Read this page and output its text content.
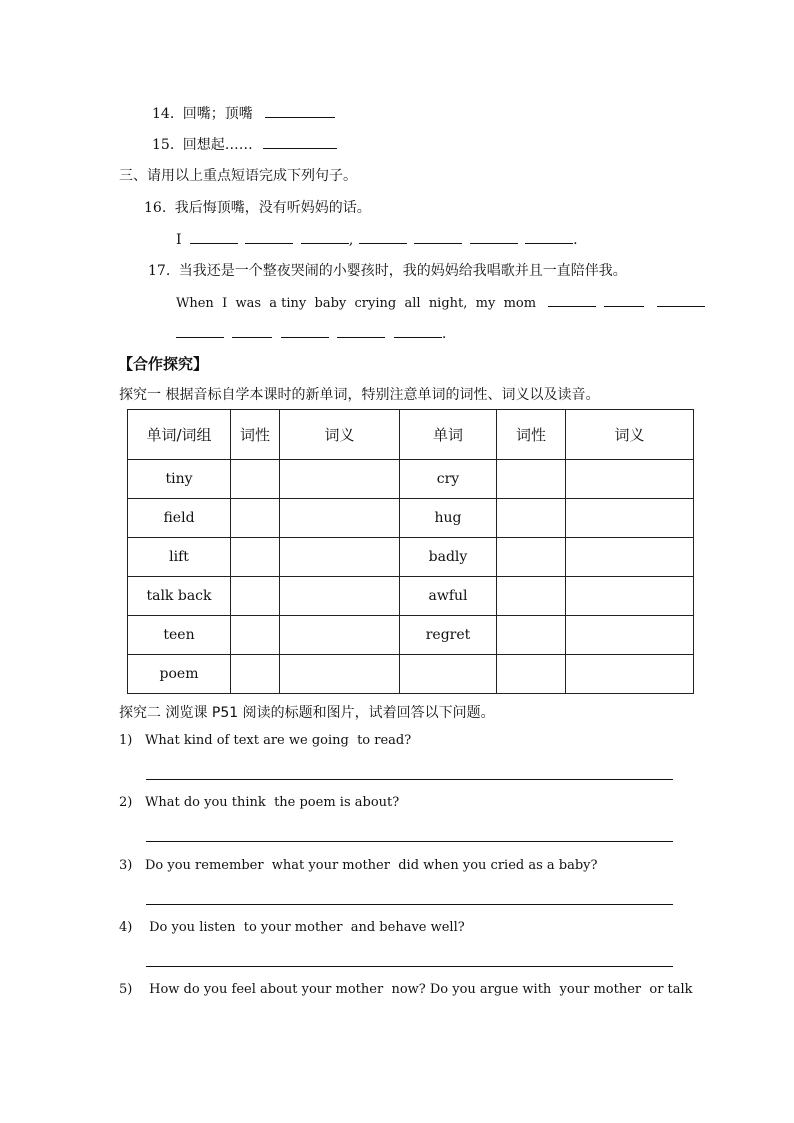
14. 回嘴；顶嘴
15. 回想起……
三、请用以上重点短语完成下列句子。
16. 我后悔顶嘴，没有听妈妈的话。
I	,	.
17. 当我还是一个整夜哭闹的小婴孩时，我的妈妈给我唱歌并且一直陪伴我。
When  I  was  a tiny  baby  crying  all  night,  my  mom
.
【合作探究】
探究一 根据音标自学本课时的新单词，特别注意单词的词性、词义以及读音。
单词/词组	词性	词义	单词	词性	词义
tiny			cry		
field			hug		
lift			badly		
talk back			awful		
teen			regret		
poem					
探究二 浏览课 P51 阅读的标题和图片，试着回答以下问题。
1) What kind of text are we going  to read?
2) What do you think  the poem is about?
3) Do you remember  what your mother  did when you cried as a baby?
4) Do you listen  to your mother  and behave well?
5) How do you feel about your mother  now? Do you argue with  your mother  or talk
